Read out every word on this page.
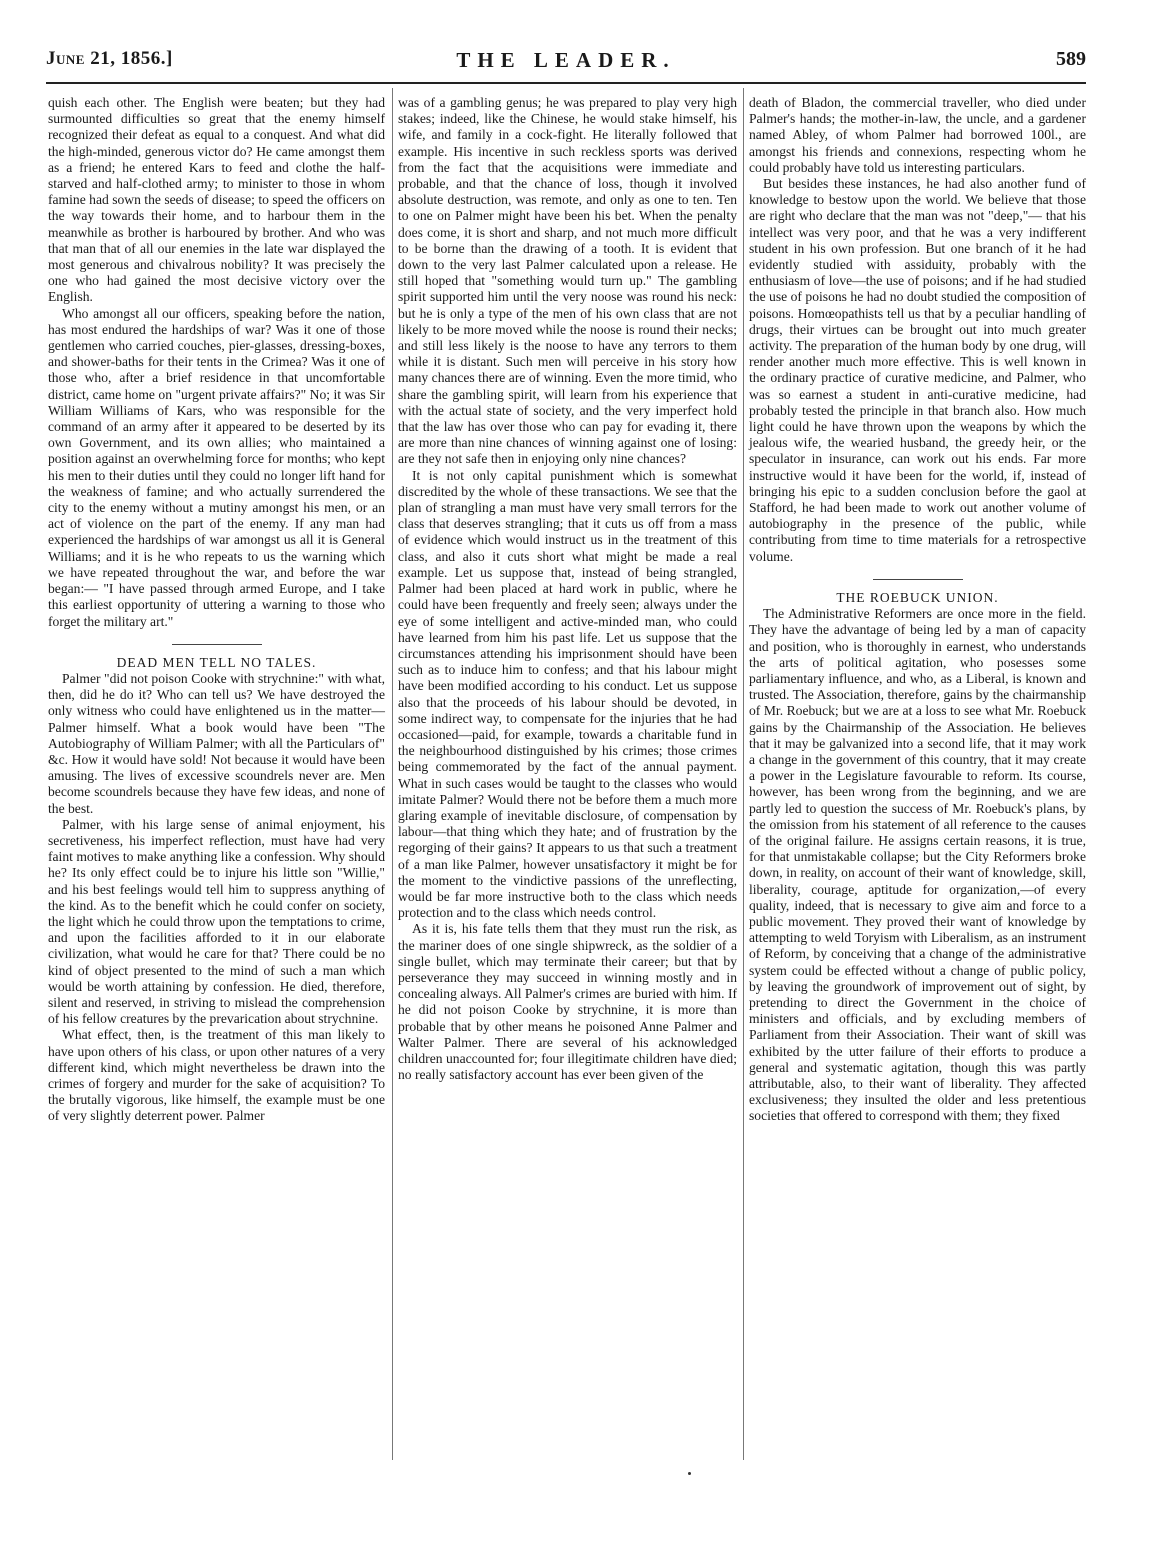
June 21, 1856.]	THE LEADER.	589

quish each other. The English were beaten; but they had surmounted difficulties so great that the enemy himself recognized their defeat as equal to a conquest. And what did the high-minded, generous victor do? He came amongst them as a friend; he entered Kars to feed and clothe the half-starved and half-clothed army; to minister to those in whom famine had sown the seeds of disease; to speed the officers on the way towards their home, and to harbour them in the meanwhile as brother is harboured by brother. And who was that man that of all our enemies in the late war displayed the most generous and chivalrous nobility? It was precisely the one who had gained the most decisive victory over the English.

Who amongst all our officers, speaking before the nation, has most endured the hardships of war? Was it one of those gentlemen who carried couches, pier-glasses, dressing-boxes, and shower-baths for their tents in the Crimea? Was it one of those who, after a brief residence in that uncomfortable district, came home on "urgent private affairs?" No; it was Sir William Williams of Kars, who was responsible for the command of an army after it appeared to be deserted by its own Government, and its own allies; who maintained a position against an overwhelming force for months; who kept his men to their duties until they could no longer lift hand for the weakness of famine; and who actually surrendered the city to the enemy without a mutiny amongst his men, or an act of violence on the part of the enemy. If any man had experienced the hardships of war amongst us all it is General Williams; and it is he who repeats to us the warning which we have repeated throughout the war, and before the war began:— "I have passed through armed Europe, and I take this earliest opportunity of uttering a warning to those who forget the military art."

DEAD MEN TELL NO TALES.

Palmer "did not poison Cooke with strychnine:" with what, then, did he do it? Who can tell us? We have destroyed the only witness who could have enlightened us in the matter—Palmer himself. What a book would have been "The Autobiography of William Palmer; with all the Particulars of" &c. How it would have sold! Not because it would have been amusing. The lives of excessive scoundrels never are. Men become scoundrels because they have few ideas, and none of the best.

Palmer, with his large sense of animal enjoyment, his secretiveness, his imperfect reflection, must have had very faint motives to make anything like a confession. Why should he? Its only effect could be to injure his little son "Willie," and his best feelings would tell him to suppress anything of the kind. As to the benefit which he could confer on society, the light which he could throw upon the temptations to crime, and upon the facilities afforded to it in our elaborate civilization, what would he care for that? There could be no kind of object presented to the mind of such a man which would be worth attaining by confession. He died, therefore, silent and reserved, in striving to mislead the comprehension of his fellow creatures by the prevarication about strychnine.

What effect, then, is the treatment of this man likely to have upon others of his class, or upon other natures of a very different kind, which might nevertheless be drawn into the crimes of forgery and murder for the sake of acquisition? To the brutally vigorous, like himself, the example must be one of very slightly deterrent power. Palmer

was of a gambling genus; he was prepared to play very high stakes; indeed, like the Chinese, he would stake himself, his wife, and family in a cock-fight. He literally followed that example. His incentive in such reckless sports was derived from the fact that the acquisitions were immediate and probable, and that the chance of loss, though it involved absolute destruction, was remote, and only as one to ten. Ten to one on Palmer might have been his bet. When the penalty does come, it is short and sharp, and not much more difficult to be borne than the drawing of a tooth. It is evident that down to the very last Palmer calculated upon a release. He still hoped that "something would turn up." The gambling spirit supported him until the very noose was round his neck: but he is only a type of the men of his own class that are not likely to be more moved while the noose is round their necks; and still less likely is the noose to have any terrors to them while it is distant. Such men will perceive in his story how many chances there are of winning. Even the more timid, who share the gambling spirit, will learn from his experience that with the actual state of society, and the very imperfect hold that the law has over those who can pay for evading it, there are more than nine chances of winning against one of losing: are they not safe then in enjoying only nine chances?

It is not only capital punishment which is somewhat discredited by the whole of these transactions. We see that the plan of strangling a man must have very small terrors for the class that deserves strangling; that it cuts us off from a mass of evidence which would instruct us in the treatment of this class, and also it cuts short what might be made a real example. Let us suppose that, instead of being strangled, Palmer had been placed at hard work in public, where he could have been frequently and freely seen; always under the eye of some intelligent and active-minded man, who could have learned from him his past life. Let us suppose that the circumstances attending his imprisonment should have been such as to induce him to confess; and that his labour might have been modified according to his conduct. Let us suppose also that the proceeds of his labour should be devoted, in some indirect way, to compensate for the injuries that he had occasioned—paid, for example, towards a charitable fund in the neighbourhood distinguished by his crimes; those crimes being commemorated by the fact of the annual payment. What in such cases would be taught to the classes who would imitate Palmer? Would there not be before them a much more glaring example of inevitable disclosure, of compensation by labour—that thing which they hate; and of frustration by the regorging of their gains? It appears to us that such a treatment of a man like Palmer, however unsatisfactory it might be for the moment to the vindictive passions of the unreflecting, would be far more instructive both to the class which needs protection and to the class which needs control.

As it is, his fate tells them that they must run the risk, as the mariner does of one single shipwreck, as the soldier of a single bullet, which may terminate their career; but that by perseverance they may succeed in winning mostly and in concealing always. All Palmer's crimes are buried with him. If he did not poison Cooke by strychnine, it is more than probable that by other means he poisoned Anne Palmer and Walter Palmer. There are several of his acknowledged children unaccounted for; four illegitimate children have died; no really satisfactory account has ever been given of the

death of Bladon, the commercial traveller, who died under Palmer's hands; the mother-in-law, the uncle, and a gardener named Abley, of whom Palmer had borrowed 100l., are amongst his friends and connexions, respecting whom he could probably have told us interesting particulars.

But besides these instances, he had also another fund of knowledge to bestow upon the world. We believe that those are right who declare that the man was not "deep,"— that his intellect was very poor, and that he was a very indifferent student in his own profession. But one branch of it he had evidently studied with assiduity, probably with the enthusiasm of love—the use of poisons; and if he had studied the use of poisons he had no doubt studied the composition of poisons. Homœopathists tell us that by a peculiar handling of drugs, their virtues can be brought out into much greater activity. The preparation of the human body by one drug, will render another much more effective. This is well known in the ordinary practice of curative medicine, and Palmer, who was so earnest a student in anti-curative medicine, had probably tested the principle in that branch also. How much light could he have thrown upon the weapons by which the jealous wife, the wearied husband, the greedy heir, or the speculator in insurance, can work out his ends. Far more instructive would it have been for the world, if, instead of bringing his epic to a sudden conclusion before the gaol at Stafford, he had been made to work out another volume of autobiography in the presence of the public, while contributing from time to time materials for a retrospective volume.

THE ROEBUCK UNION.

The Administrative Reformers are once more in the field. They have the advantage of being led by a man of capacity and position, who is thoroughly in earnest, who understands the arts of political agitation, who posesses some parliamentary influence, and who, as a Liberal, is known and trusted. The Association, therefore, gains by the chairmanship of Mr. Roebuck; but we are at a loss to see what Mr. Roebuck gains by the Chairmanship of the Association. He believes that it may be galvanized into a second life, that it may work a change in the government of this country, that it may create a power in the Legislature favourable to reform. Its course, however, has been wrong from the beginning, and we are partly led to question the success of Mr. Roebuck's plans, by the omission from his statement of all reference to the causes of the original failure. He assigns certain reasons, it is true, for that unmistakable collapse; but the City Reformers broke down, in reality, on account of their want of knowledge, skill, liberality, courage, aptitude for organization,—of every quality, indeed, that is necessary to give aim and force to a public movement. They proved their want of knowledge by attempting to weld Toryism with Liberalism, as an instrument of Reform, by conceiving that a change of the administrative system could be effected without a change of public policy, by leaving the groundwork of improvement out of sight, by pretending to direct the Government in the choice of ministers and officials, and by excluding members of Parliament from their Association. Their want of skill was exhibited by the utter failure of their efforts to produce a general and systematic agitation, though this was partly attributable, also, to their want of liberality. They affected exclusiveness; they insulted the older and less pretentious societies that offered to correspond with them; they fixed
